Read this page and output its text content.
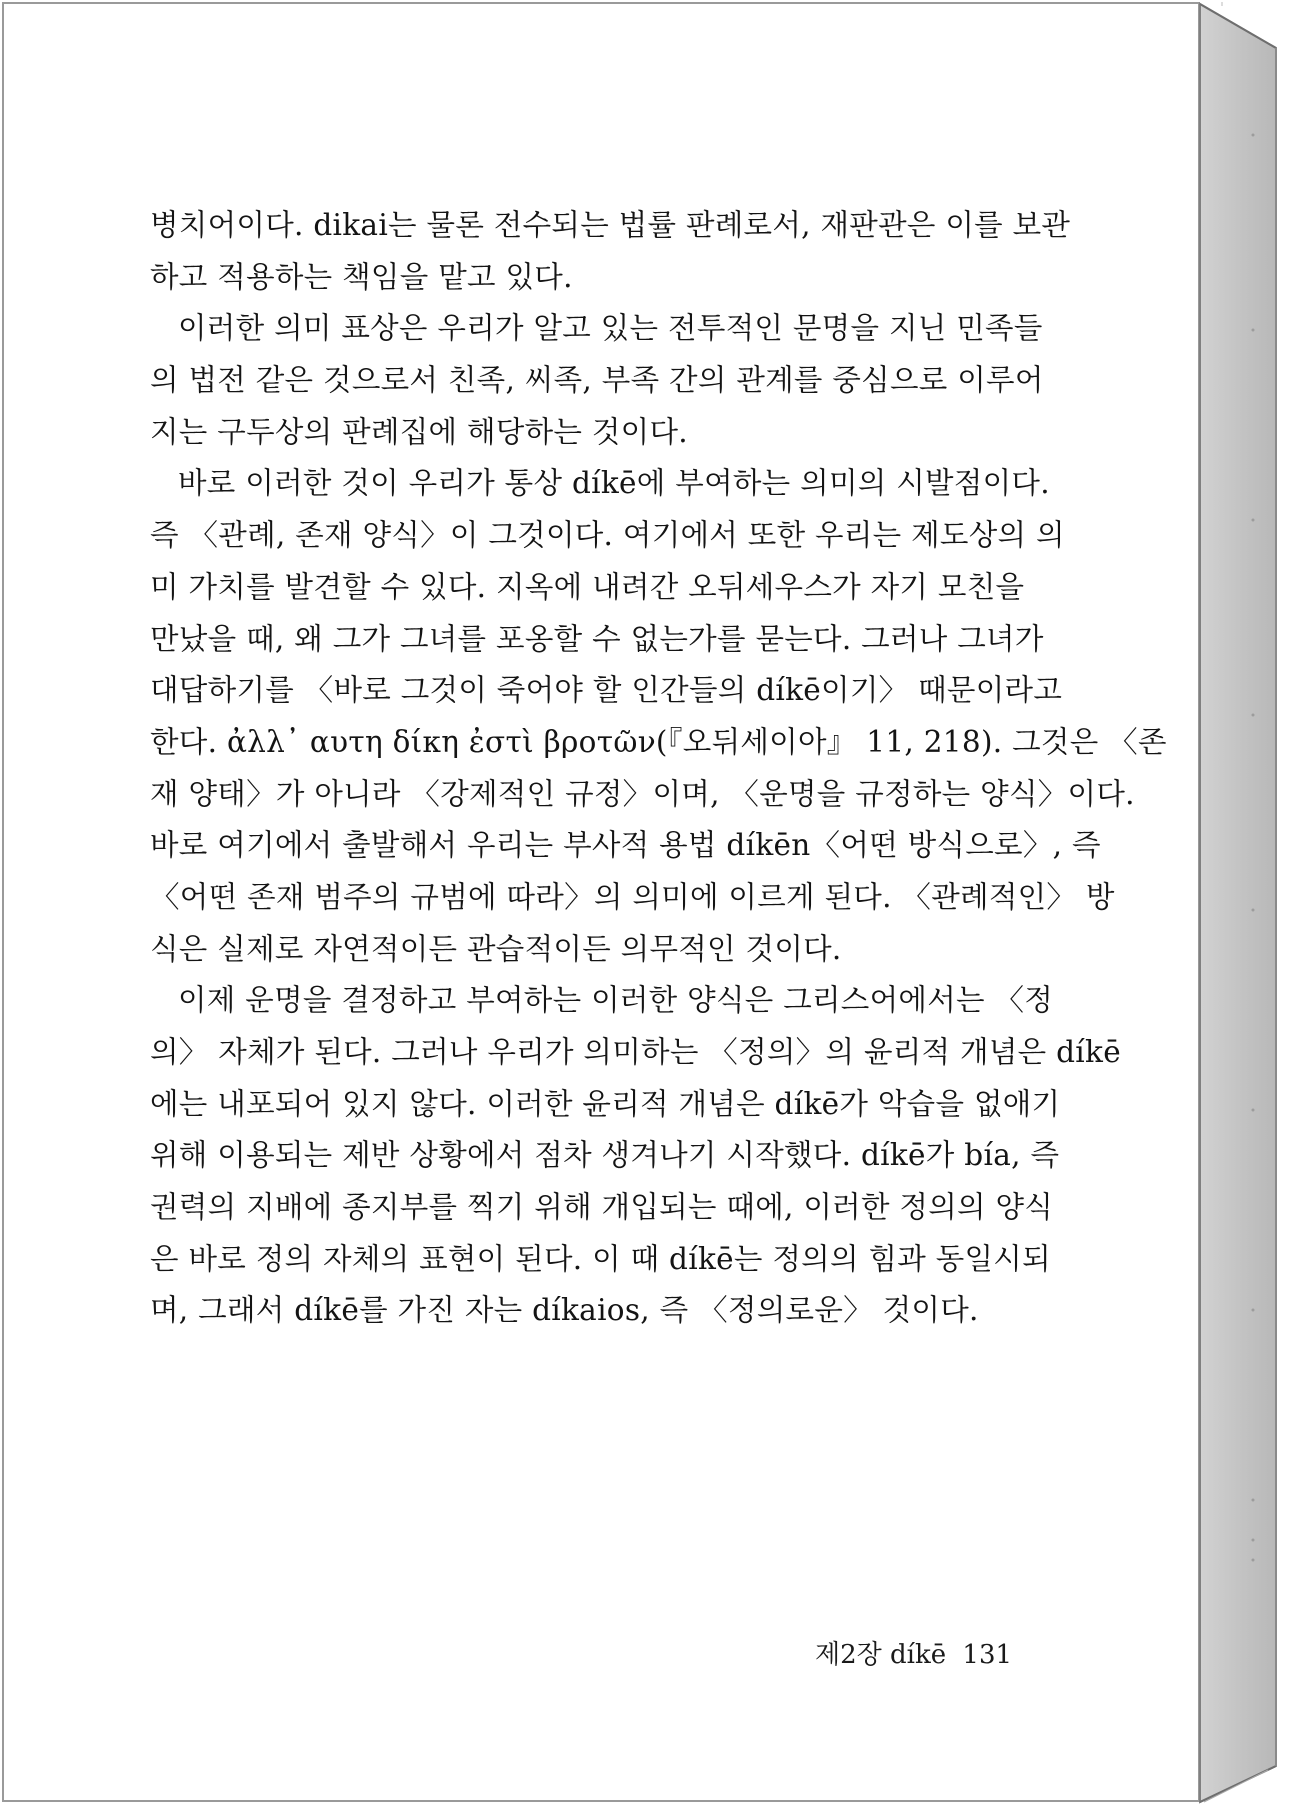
병치어이다. dikai는 물론 전수되는 법률 판례로서, 재판관은 이를 보관
하고 적용하는 책임을 맡고 있다.
이러한 의미 표상은 우리가 알고 있는 전투적인 문명을 지닌 민족들
의 법전 같은 것으로서 친족, 씨족, 부족 간의 관계를 중심으로 이루어
지는 구두상의 판례집에 해당하는 것이다.
바로 이러한 것이 우리가 통상 díkē에 부여하는 의미의 시발점이다.
즉 〈관례, 존재 양식〉이 그것이다. 여기에서 또한 우리는 제도상의 의
미 가치를 발견할 수 있다. 지옥에 내려간 오뒤세우스가 자기 모친을
만났을 때, 왜 그가 그녀를 포옹할 수 없는가를 묻는다. 그러나 그녀가
대답하기를 〈바로 그것이 죽어야 할 인간들의 díkē이기〉 때문이라고
한다. ἀλλ᾽ αυτη δίκη ἐστὶ βροτῶν(『오뒤세이아』 11, 218). 그것은 〈존
재 양태〉가 아니라 〈강제적인 규정〉이며, 〈운명을 규정하는 양식〉이다.
바로 여기에서 출발해서 우리는 부사적 용법 díkēn〈어떤 방식으로〉, 즉
〈어떤 존재 범주의 규범에 따라〉의 의미에 이르게 된다. 〈관례적인〉 방
식은 실제로 자연적이든 관습적이든 의무적인 것이다.
이제 운명을 결정하고 부여하는 이러한 양식은 그리스어에서는 〈정
의〉 자체가 된다. 그러나 우리가 의미하는 〈정의〉의 윤리적 개념은 díkē
에는 내포되어 있지 않다. 이러한 윤리적 개념은 díkē가 악습을 없애기
위해 이용되는 제반 상황에서 점차 생겨나기 시작했다. díkē가 bía, 즉
권력의 지배에 종지부를 찍기 위해 개입되는 때에, 이러한 정의의 양식
은 바로 정의 자체의 표현이 된다. 이 때 díkē는 정의의 힘과 동일시되
며, 그래서 díkē를 가진 자는 díkaios, 즉 〈정의로운〉 것이다.
제2장 díkē 131
